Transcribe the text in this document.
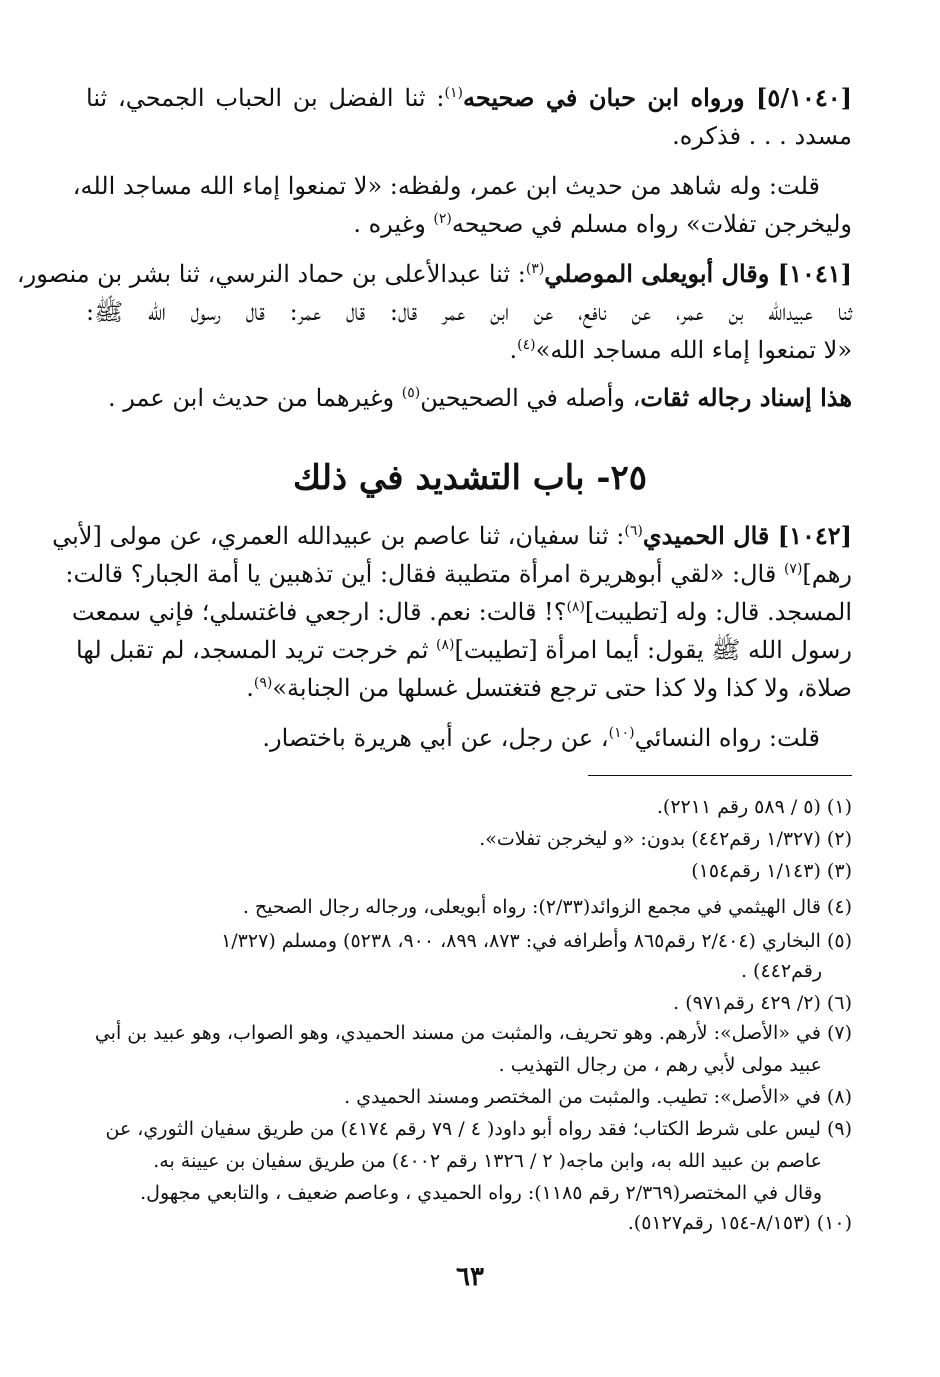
[٥/١٠٤٠] ورواه ابن حبان في صحيحه$^{(١)}$: ثنا الفضل بن الحباب الجمحي، ثنا
مسدد . . . فذكره.
قلت: وله شاهد من حديث ابن عمر، ولفظه: «لا تمنعوا إماء الله مساجد الله،
وليخرجن تفلات» رواه مسلم في صحيحه$^{(٢)}$ وغيره .
[١٠٤١] وقال أبويعلى الموصلي$^{(٣)}$: ثنا عبدالأعلى بن حماد النرسي، ثنا بشر بن منصور،
ثنا عبيدالله بن عمر، عن نافع، عن ابن عمر قال: قال عمر: قال رسول الله ﷺ:
«لا تمنعوا إماء الله مساجد الله»$^{(٤)}$.
هذا إسناد رجاله ثقات، وأصله في الصحيحين$^{(٥)}$ وغيرهما من حديث ابن عمر .
٢٥- باب التشديد في ذلك
[١٠٤٢] قال الحميدي$^{(٦)}$: ثنا سفيان، ثنا عاصم بن عبيدالله العمري، عن مولى [لأبي
رهم]$^{(٧)}$ قال: «لقي أبوهريرة امرأة متطيبة فقال: أين تذهبين يا أمة الجبار؟ قالت:
المسجد. قال: وله [تطيبت]$^{(٨)}$؟! قالت: نعم. قال: ارجعي فاغتسلي؛ فإني سمعت
رسول الله ﷺ يقول: أيما امرأة [تطيبت]$^{(٨)}$ ثم خرجت تريد المسجد، لم تقبل لها
صلاة، ولا كذا ولا كذا حتى ترجع فتغتسل غسلها من الجنابة»$^{(٩)}$.
قلت: رواه النسائي$^{(١٠)}$، عن رجل، عن أبي هريرة باختصار.
(١) (٥ / ٥٨٩ رقم ٢٢١١).
(٢) (١/٣٢٧ رقم٤٤٢) بدون: «و ليخرجن تفلات».
(٣) (١/١٤٣ رقم١٥٤)
(٤) قال الهيثمي في مجمع الزوائد(٢/٣٣): رواه أبويعلى، ورجاله رجال الصحيح .
(٥) البخاري (٢/٤٠٤ رقم٨٦٥ وأطرافه في: ٨٧٣، ٨٩٩، ٩٠٠، ٥٢٣٨) ومسلم (١/٣٢٧
رقم٤٤٢) .
(٦) (٢/ ٤٢٩ رقم٩٧١) .
(٧) في «الأصل»: لأرهم. وهو تحريف، والمثبت من مسند الحميدي، وهو الصواب، وهو عبيد بن أبي
عبيد مولى لأبي رهم ، من رجال التهذيب .
(٨) في «الأصل»: تطيب. والمثبت من المختصر ومسند الحميدي .
(٩) ليس على شرط الكتاب؛ فقد رواه أبو داود( ٤ / ٧٩ رقم ٤١٧٤) من طريق سفيان الثوري، عن
عاصم بن عبيد الله به، وابن ماجه( ٢ / ١٣٢٦ رقم ٤٠٠٢) من طريق سفيان بن عيينة به.
وقال في المختصر(٢/٣٦٩ رقم ١١٨٥): رواه الحميدي ، وعاصم ضعيف ، والتابعي مجهول.
(١٠) (٨/١٥٣-١٥٤ رقم٥١٢٧).
٦٣
